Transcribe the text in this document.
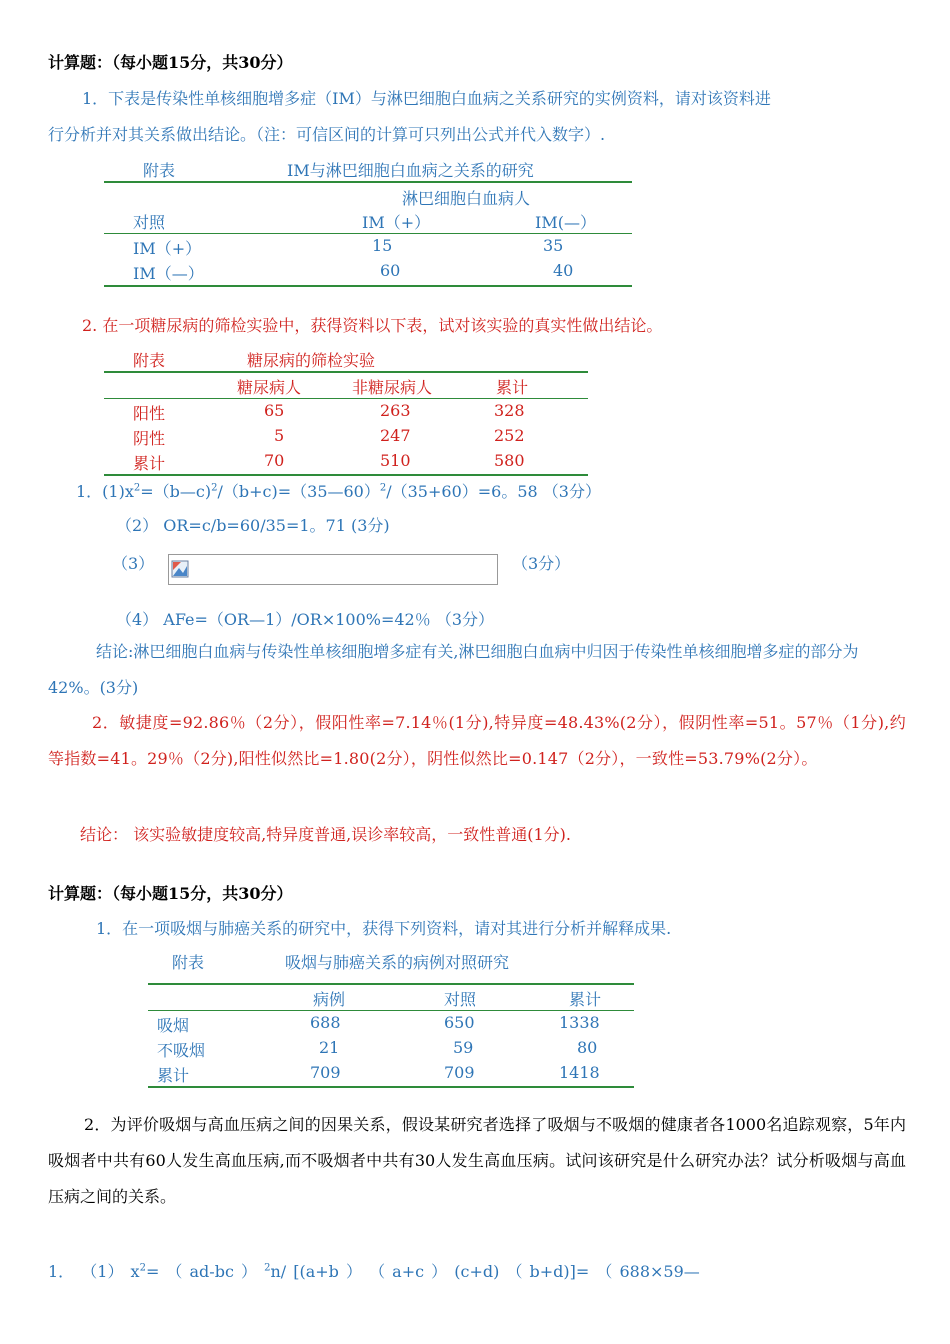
计算题：（每小题15分，共30分）
1．下表是传染性单核细胞增多症（IM）与淋巴细胞白血病之关系研究的实例资料，请对该资料进
行分析并对其关系做出结论。（注：可信区间的计算可只列出公式并代入数字）.
附表	IM与淋巴细胞白血病之关系的研究
淋巴细胞白血病人
对照	IM（+）	IM(—）
IM（+）	15	35
IM（—）	60	40
2. 在一项糖尿病的筛检实验中，获得资料以下表，试对该实验的真实性做出结论。
附表	糖尿病的筛检实验
糖尿病人	非糖尿病人	累计
阳性	65	263	328
阴性	5	247	252
累计	70	510	580
1．$(1)x^2=(b—c)^2/(b+c)=(35—60)^2/(35+60)=6$。58 （3分）
（2） OR=c/b=60/35=1。71 (3分)
（3）	（3分）
（4） AFe=（OR—1）/OR×100%=42％ （3分）
结论:淋巴细胞白血病与传染性单核细胞增多症有关,淋巴细胞白血病中归因于传染性单核细胞增多症的部分为42%。(3分)
2．敏捷度=92.86％（2分），假阳性率=7.14％(1分),特异度=48.43%(2分），假阴性率=51。57％（1分),约等指数=41。29％（2分),阳性似然比=1.80(2分），阴性似然比=0.147（2分），一致性=53.79%(2分）。
结论： 该实验敏捷度较高,特异度普通,误诊率较高，一致性普通(1分).
计算题：（每小题15分，共30分）
1．在一项吸烟与肺癌关系的研究中，获得下列资料，请对其进行分析并解释成果.
附表	吸烟与肺癌关系的病例对照研究
病例	对照	累计
吸烟	688	650	1338
不吸烟	21	59	80
累计	709	709	1418
2．为评价吸烟与高血压病之间的因果关系，假设某研究者选择了吸烟与不吸烟的健康者各1000名追踪观察，5年内吸烟者中共有60人发生高血压病,而不吸烟者中共有30人发生高血压病。试问该研究是什么研究办法？试分析吸烟与高血压病之间的关系。
1． （1） $x^2=$ （ ad-bc ） $^2$n/ [(a+b ） （ a+c ） (c+d) （ b+d)]= （ 688×59—
